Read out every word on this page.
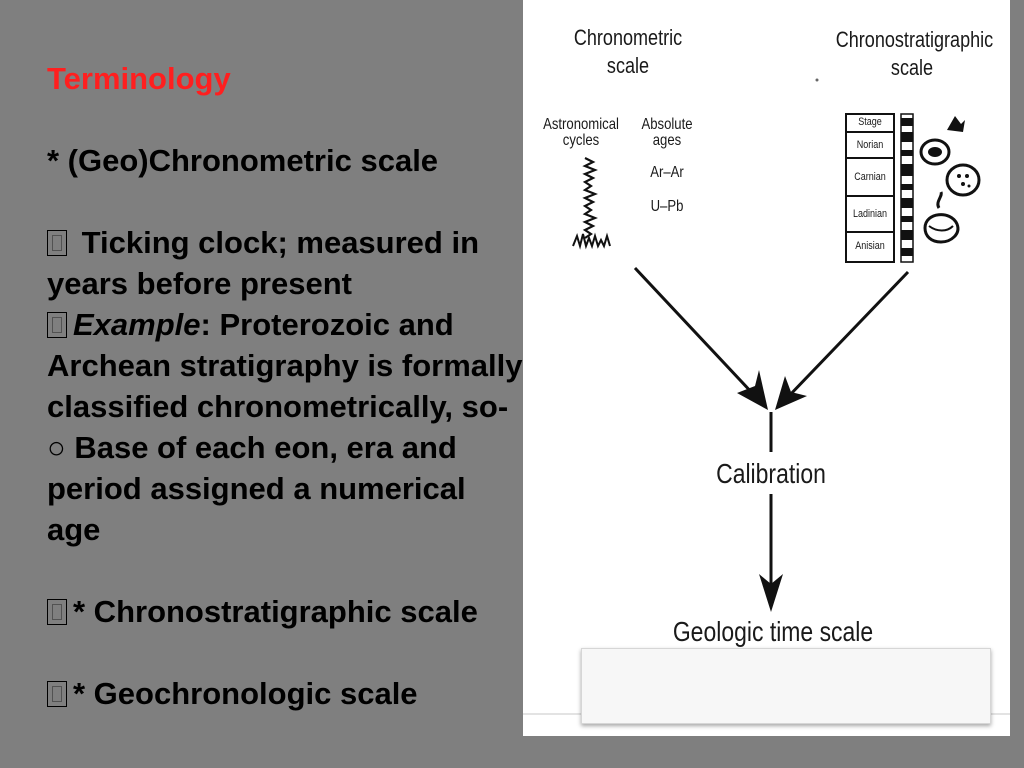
Terminology
* (Geo)Chronometric scale
Ticking clock; measured in
years before present
Example: Proterozoic and
Archean stratigraphy is formally
classified chronometrically, so-
○ Base of each eon, era and
period assigned a numerical
age
* Chronostratigraphic scale
* Geochronologic scale
Chronometric
scale
Chronostratigraphic
scale
Astronomical
cycles
Absolute
ages
Ar–Ar
U–Pb
Stage
Norian
Carnian
Ladinian
Anisian
Calibration
Geologic time scale
